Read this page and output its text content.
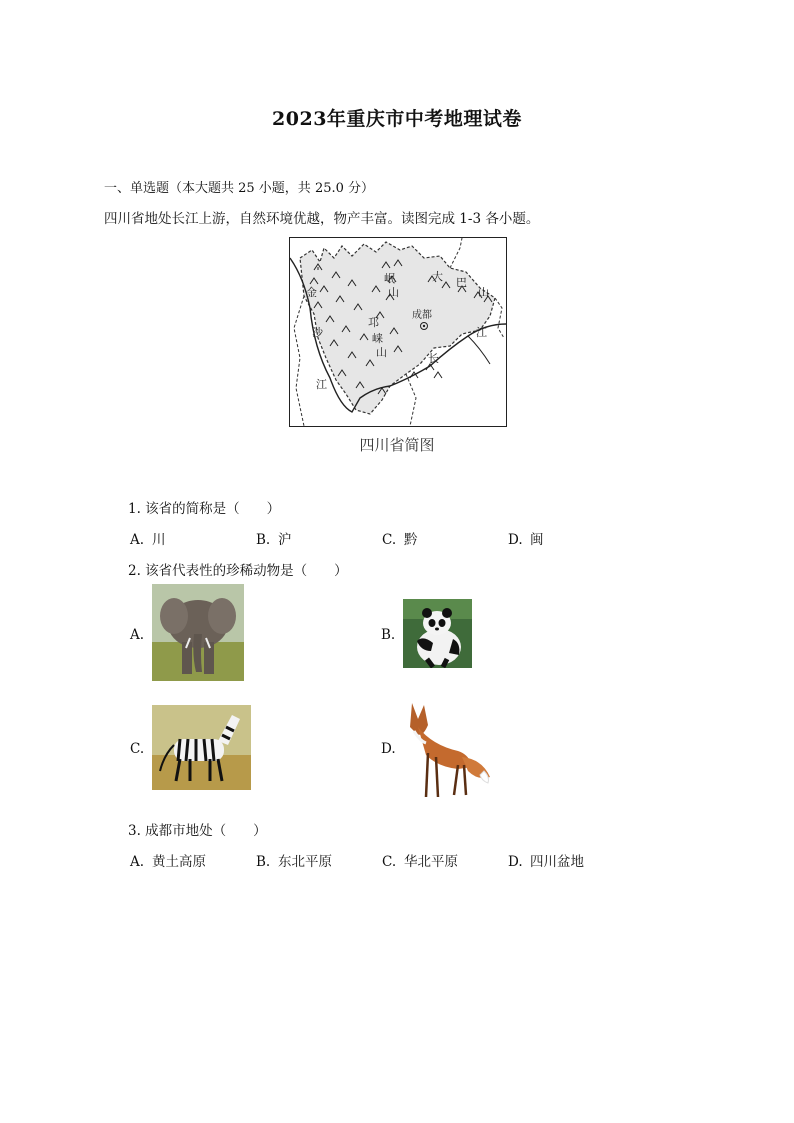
2023年重庆市中考地理试卷
一、单选题（本大题共 25 小题，共 25.0 分）
四川省地处长江上游，自然环境优越，物产丰富。读图完成 1-3 各小题。
岷
山
大 巴
山
金
沙
江
邛
崃
山
成都
长
江
四川省简图
1. 该省的简称是（　　）
A. 川	B. 沪	C. 黔	D. 闽
2. 该省代表性的珍稀动物是（　　）
A.	B.
C.	D.
3. 成都市地处（　　）
A. 黄土高原	B. 东北平原	C. 华北平原	D. 四川盆地
